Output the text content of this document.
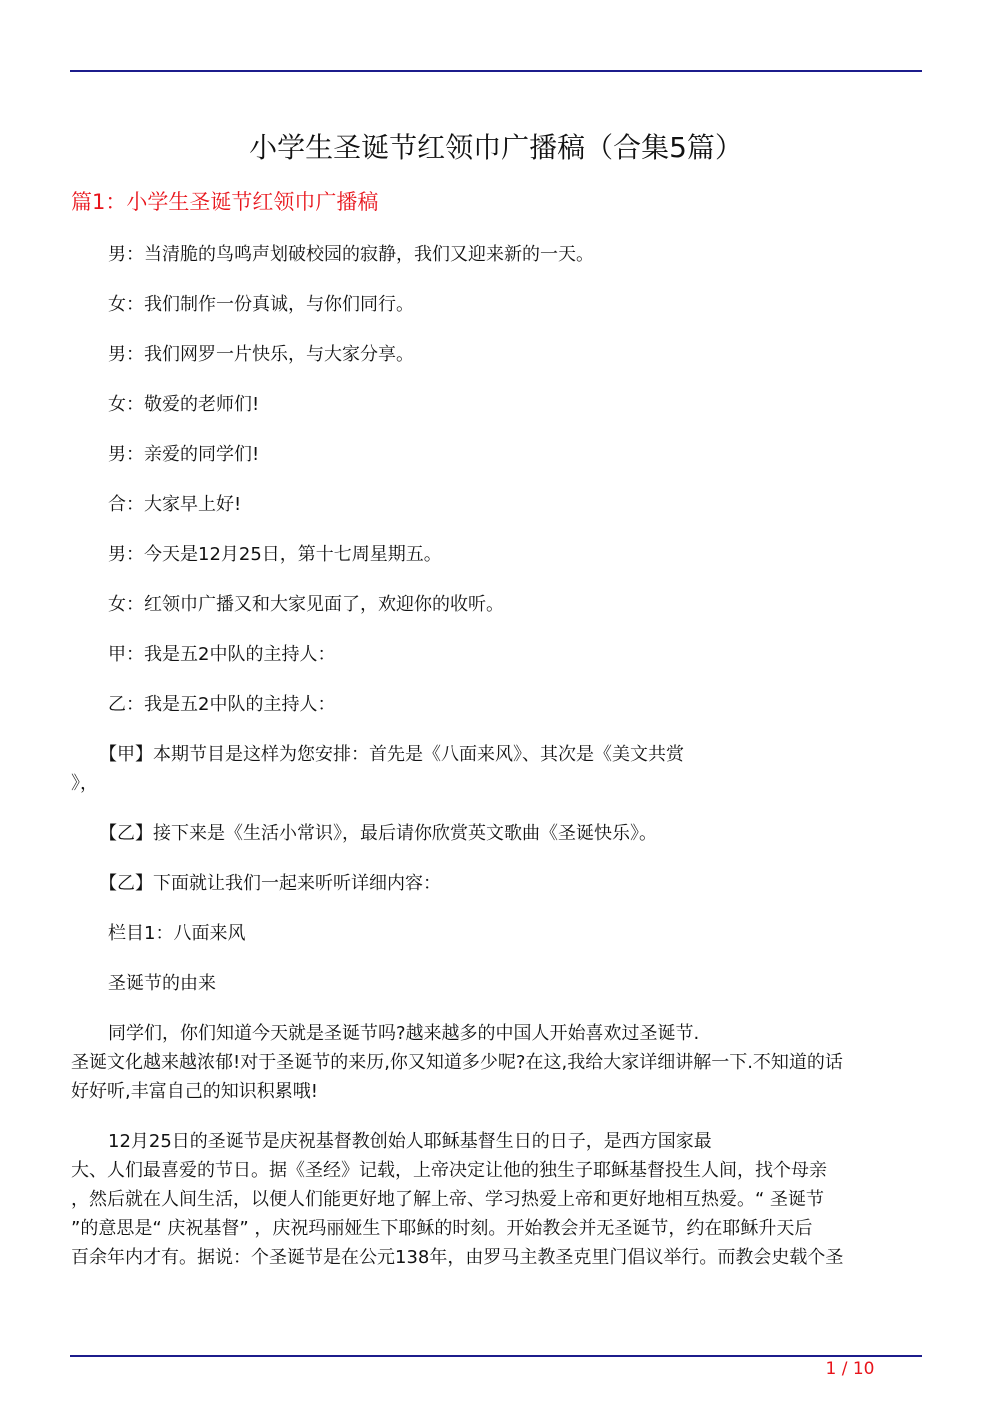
小学生圣诞节红领巾广播稿（合集5篇）
篇1：小学生圣诞节红领巾广播稿

男：当清脆的鸟鸣声划破校园的寂静，我们又迎来新的一天。

女：我们制作一份真诚，与你们同行。

男：我们网罗一片快乐，与大家分享。

女：敬爱的老师们!

男：亲爱的同学们!

合：大家早上好!

男：今天是12月25日，第十七周星期五。

女：红领巾广播又和大家见面了，欢迎你的收听。

甲：我是五2中队的主持人：

乙：我是五2中队的主持人：

【甲】本期节目是这样为您安排：首先是《八面来风》、其次是《美文共赏
》，

【乙】接下来是《生活小常识》，最后请你欣赏英文歌曲《圣诞快乐》。

【乙】下面就让我们一起来听听详细内容：

栏目1：八面来风

圣诞节的由来

同学们，你们知道今天就是圣诞节吗?越来越多的中国人开始喜欢过圣诞节.
圣诞文化越来越浓郁!对于圣诞节的来历,你又知道多少呢?在这,我给大家详细讲解一下.不知道的话
好好听,丰富自己的知识积累哦!

12月25日的圣诞节是庆祝基督教创始人耶稣基督生日的日子，是西方国家最
大、人们最喜爱的节日。据《圣经》记载，上帝决定让他的独生子耶稣基督投生人间，找个母亲
，然后就在人间生活，以便人们能更好地了解上帝、学习热爱上帝和更好地相互热爱。“ 圣诞节
”的意思是“ 庆祝基督” ，庆祝玛丽娅生下耶稣的时刻。开始教会并无圣诞节，约在耶稣升天后
百余年内才有。据说：个圣诞节是在公元138年，由罗马主教圣克里门倡议举行。而教会史载个圣

1 / 10
